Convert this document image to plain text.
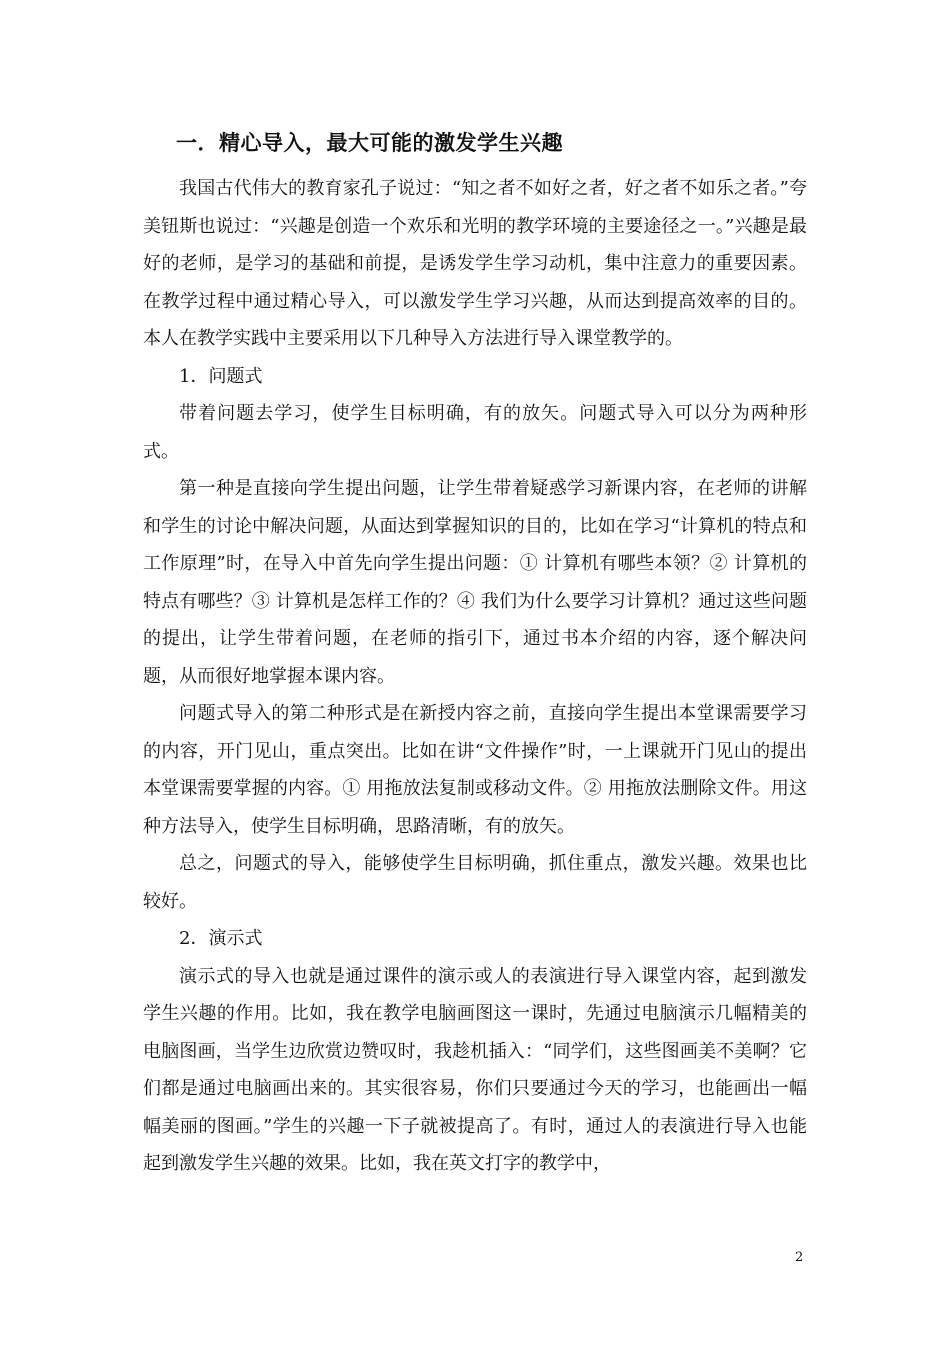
一．精心导入，最大可能的激发学生兴趣

我国古代伟大的教育家孔子说过：“知之者不如好之者，好之者不如乐之者。”夸美钮斯也说过：“兴趣是创造一个欢乐和光明的教学环境的主要途径之一。”兴趣是最好的老师，是学习的基础和前提，是诱发学生学习动机，集中注意力的重要因素。在教学过程中通过精心导入，可以激发学生学习兴趣，从而达到提高效率的目的。本人在教学实践中主要采用以下几种导入方法进行导入课堂教学的。

1．问题式

带着问题去学习，使学生目标明确，有的放矢。问题式导入可以分为两种形式。

第一种是直接向学生提出问题，让学生带着疑惑学习新课内容，在老师的讲解和学生的讨论中解决问题，从面达到掌握知识的目的，比如在学习“计算机的特点和工作原理”时，在导入中首先向学生提出问题：① 计算机有哪些本领？② 计算机的特点有哪些？③ 计算机是怎样工作的？④ 我们为什么要学习计算机？通过这些问题的提出，让学生带着问题，在老师的指引下，通过书本介绍的内容，逐个解决问题，从而很好地掌握本课内容。

问题式导入的第二种形式是在新授内容之前，直接向学生提出本堂课需要学习的内容，开门见山，重点突出。比如在讲“文件操作”时，一上课就开门见山的提出本堂课需要掌握的内容。① 用拖放法复制或移动文件。② 用拖放法删除文件。用这种方法导入，使学生目标明确，思路清晰，有的放矢。

总之，问题式的导入，能够使学生目标明确，抓住重点，激发兴趣。效果也比较好。

2．演示式

演示式的导入也就是通过课件的演示或人的表演进行导入课堂内容，起到激发学生兴趣的作用。比如，我在教学电脑画图这一课时，先通过电脑演示几幅精美的电脑图画，当学生边欣赏边赞叹时，我趁机插入：“同学们，这些图画美不美啊？它们都是通过电脑画出来的。其实很容易，你们只要通过今天的学习，也能画出一幅幅美丽的图画。”学生的兴趣一下子就被提高了。有时，通过人的表演进行导入也能起到激发学生兴趣的效果。比如，我在英文打字的教学中，

2
